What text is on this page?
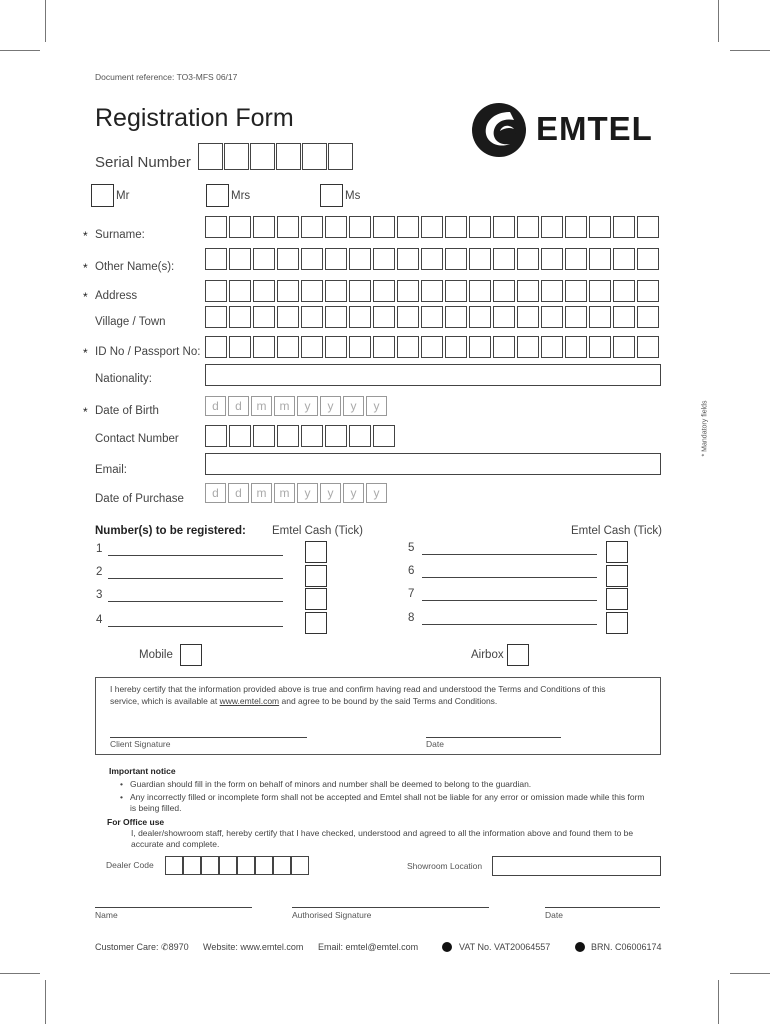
Document reference: TO3-MFS 06/17
Registration Form	EMTEL
Serial Number
Mr	Mrs	Ms
* Surname:
* Other Name(s):
* Address
Village / Town
* ID No / Passport No:
Nationality:
* Date of Birth	d	d	m	m	y	y	y	y
Contact Number
Email:
Date of Purchase	d	d	m	m	y	y	y	y
* Mandatory fields
Number(s) to be registered: Emtel Cash (Tick)	Emtel Cash (Tick)
1
2
3
4
5
6
7
8
Mobile	Airbox
I hereby certify that the information provided above is true and confirm having read and understood the Terms and Conditions of this service, which is available at www.emtel.com and agree to be bound by the said Terms and Conditions.
Client Signature	Date
Important notice
• Guardian should fill in the form on behalf of minors and number shall be deemed to belong to the guardian.
• Any incorrectly filled or incomplete form shall not be accepted and Emtel shall not be liable for any error or omission made while this form is being filled.
For Office use
I, dealer/showroom staff, hereby certify that I have checked, understood and agreed to all the information above and found them to be accurate and complete.
Dealer Code	Showroom Location
Name	Authorised Signature	Date
Customer Care: ✆8970 Website: www.emtel.com Email: emtel@emtel.com	VAT No. VAT20064557	BRN. C06006174
